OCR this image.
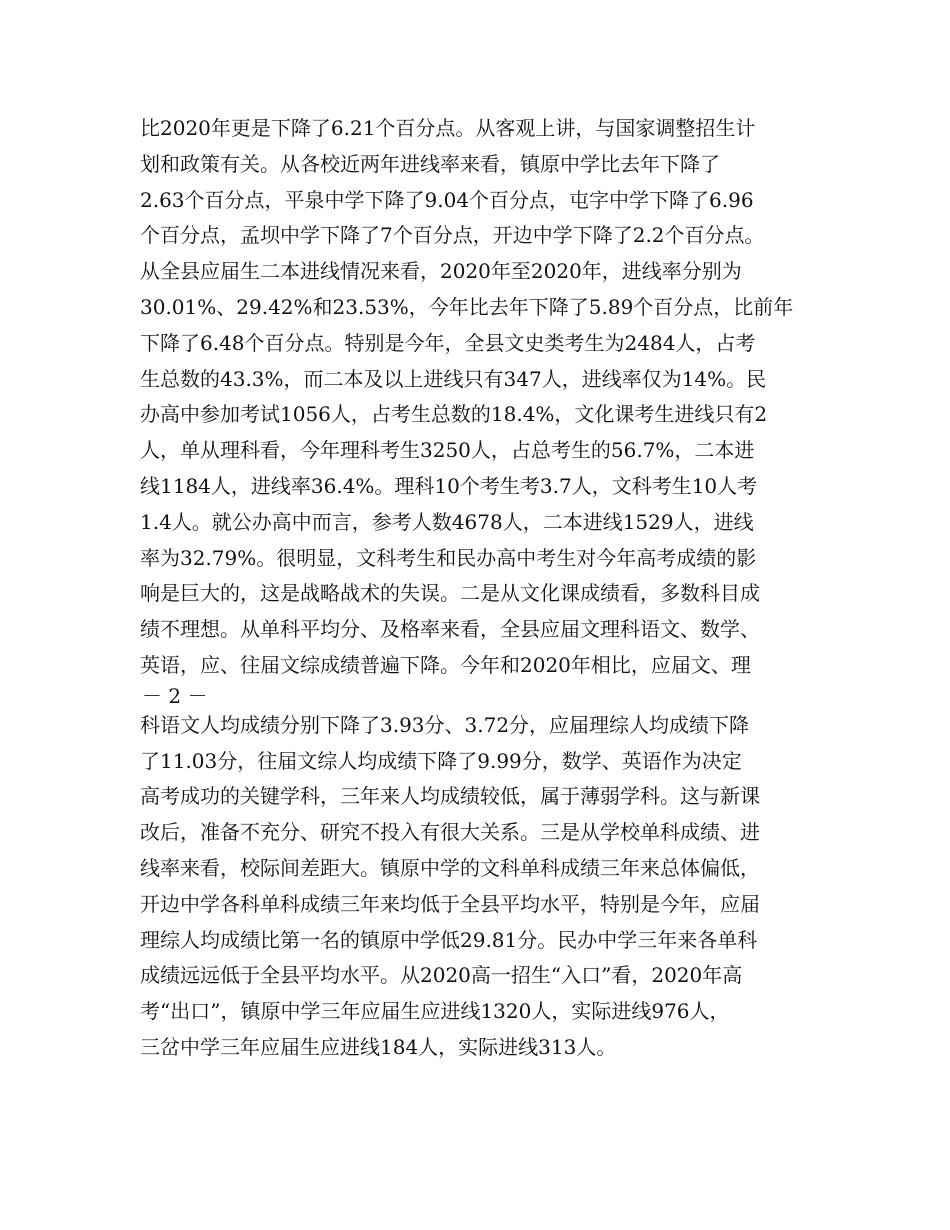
比2020年更是下降了6.21个百分点。从客观上讲，与国家调整招生计
划和政策有关。从各校近两年进线率来看，镇原中学比去年下降了
2.63个百分点，平泉中学下降了9.04个百分点，屯字中学下降了6.96
个百分点，孟坝中学下降了7个百分点，开边中学下降了2.2个百分点。
从全县应届生二本进线情况来看，2020年至2020年，进线率分别为
30.01%、29.42%和23.53%，今年比去年下降了5.89个百分点，比前年
下降了6.48个百分点。特别是今年，全县文史类考生为2484人，占考
生总数的43.3%，而二本及以上进线只有347人，进线率仅为14%。民
办高中参加考试1056人，占考生总数的18.4%，文化课考生进线只有2
人，单从理科看，今年理科考生3250人，占总考生的56.7%，二本进
线1184人，进线率36.4%。理科10个考生考3.7人，文科考生10人考
1.4人。就公办高中而言，参考人数4678人，二本进线1529人，进线
率为32.79%。很明显，文科考生和民办高中考生对今年高考成绩的影
响是巨大的，这是战略战术的失误。二是从文化课成绩看，多数科目成
绩不理想。从单科平均分、及格率来看，全县应届文理科语文、数学、
英语，应、往届文综成绩普遍下降。今年和2020年相比，应届文、理
－ 2 －
科语文人均成绩分别下降了3.93分、3.72分，应届理综人均成绩下降
了11.03分，往届文综人均成绩下降了9.99分，数学、英语作为决定
高考成功的关键学科，三年来人均成绩较低，属于薄弱学科。这与新课
改后，准备不充分、研究不投入有很大关系。三是从学校单科成绩、进
线率来看，校际间差距大。镇原中学的文科单科成绩三年来总体偏低，
开边中学各科单科成绩三年来均低于全县平均水平，特别是今年，应届
理综人均成绩比第一名的镇原中学低29.81分。民办中学三年来各单科
成绩远远低于全县平均水平。从2020高一招生“入口”看，2020年高
考“出口”，镇原中学三年应届生应进线1320人，实际进线976人，
三岔中学三年应届生应进线184人，实际进线313人。
